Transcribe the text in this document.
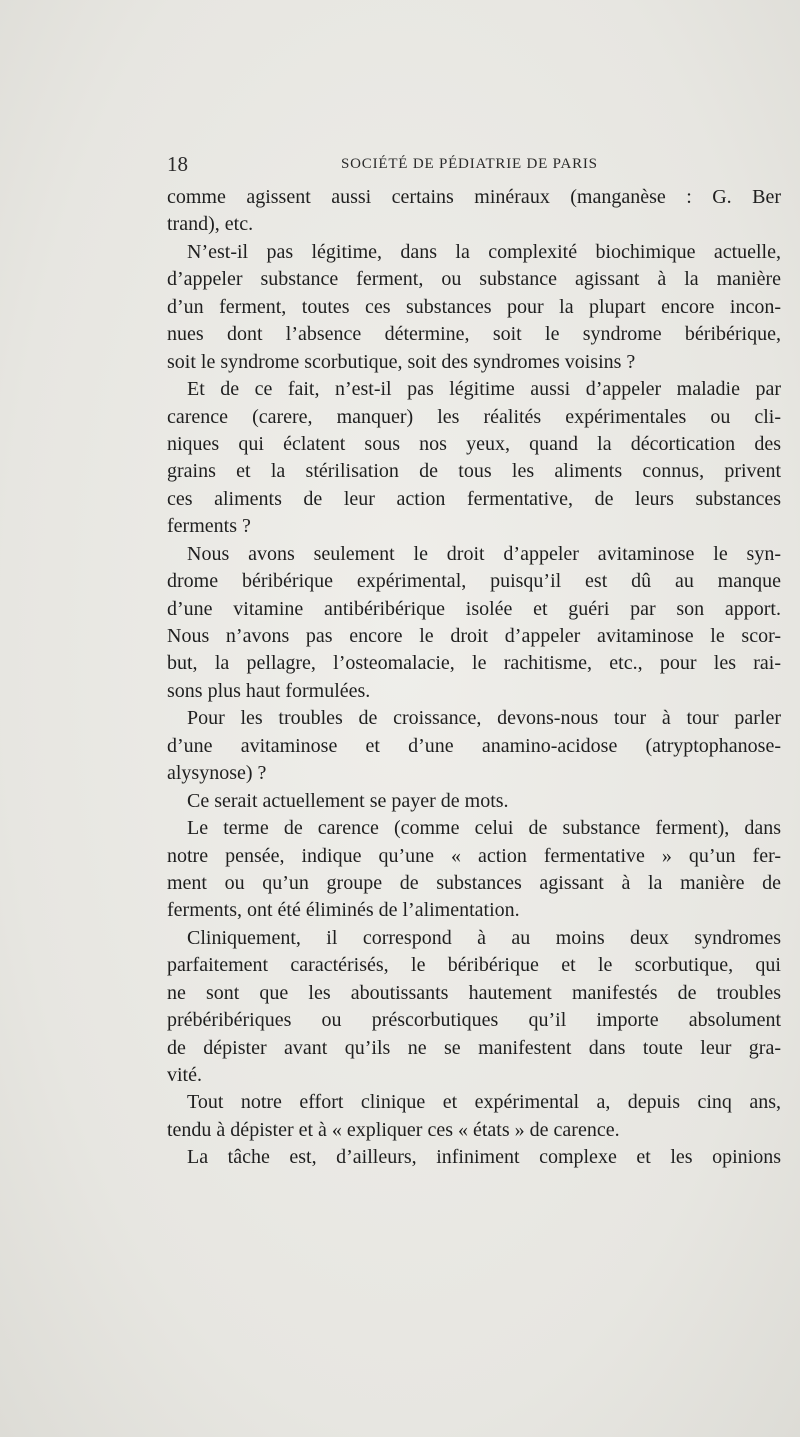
18	SOCIÉTÉ DE PÉDIATRIE DE PARIS
comme agissent aussi certains minéraux (manganèse : G. Ber
trand), etc.
N’est-il pas légitime, dans la complexité biochimique actuelle,
d’appeler substance ferment, ou substance agissant à la manière
d’un ferment, toutes ces substances pour la plupart encore incon-
nues dont l’absence détermine, soit le syndrome béribérique,
soit le syndrome scorbutique, soit des syndromes voisins ?
Et de ce fait, n’est-il pas légitime aussi d’appeler maladie par
carence (carere, manquer) les réalités expérimentales ou cli-
niques qui éclatent sous nos yeux, quand la décortication des
grains et la stérilisation de tous les aliments connus, privent
ces aliments de leur action fermentative, de leurs substances
ferments ?
Nous avons seulement le droit d’appeler avitaminose le syn-
drome béribérique expérimental, puisqu’il est dû au manque
d’une vitamine antibéribérique isolée et guéri par son apport.
Nous n’avons pas encore le droit d’appeler avitaminose le scor-
but, la pellagre, l’osteomalacie, le rachitisme, etc., pour les rai-
sons plus haut formulées.
Pour les troubles de croissance, devons-nous tour à tour parler
d’une avitaminose et d’une anamino-acidose (atryptophanose-
alysynose) ?
Ce serait actuellement se payer de mots.
Le terme de carence (comme celui de substance ferment), dans
notre pensée, indique qu’une « action fermentative » qu’un fer-
ment ou qu’un groupe de substances agissant à la manière de
ferments, ont été éliminés de l’alimentation.
Cliniquement, il correspond à au moins deux syndromes
parfaitement caractérisés, le béribérique et le scorbutique, qui
ne sont que les aboutissants hautement manifestés de troubles
prébéribériques ou préscorbutiques qu’il importe absolument
de dépister avant qu’ils ne se manifestent dans toute leur gra-
vité.
Tout notre effort clinique et expérimental a, depuis cinq ans,
tendu à dépister et à « expliquer ces « états » de carence.
La tâche est, d’ailleurs, infiniment complexe et les opinions
